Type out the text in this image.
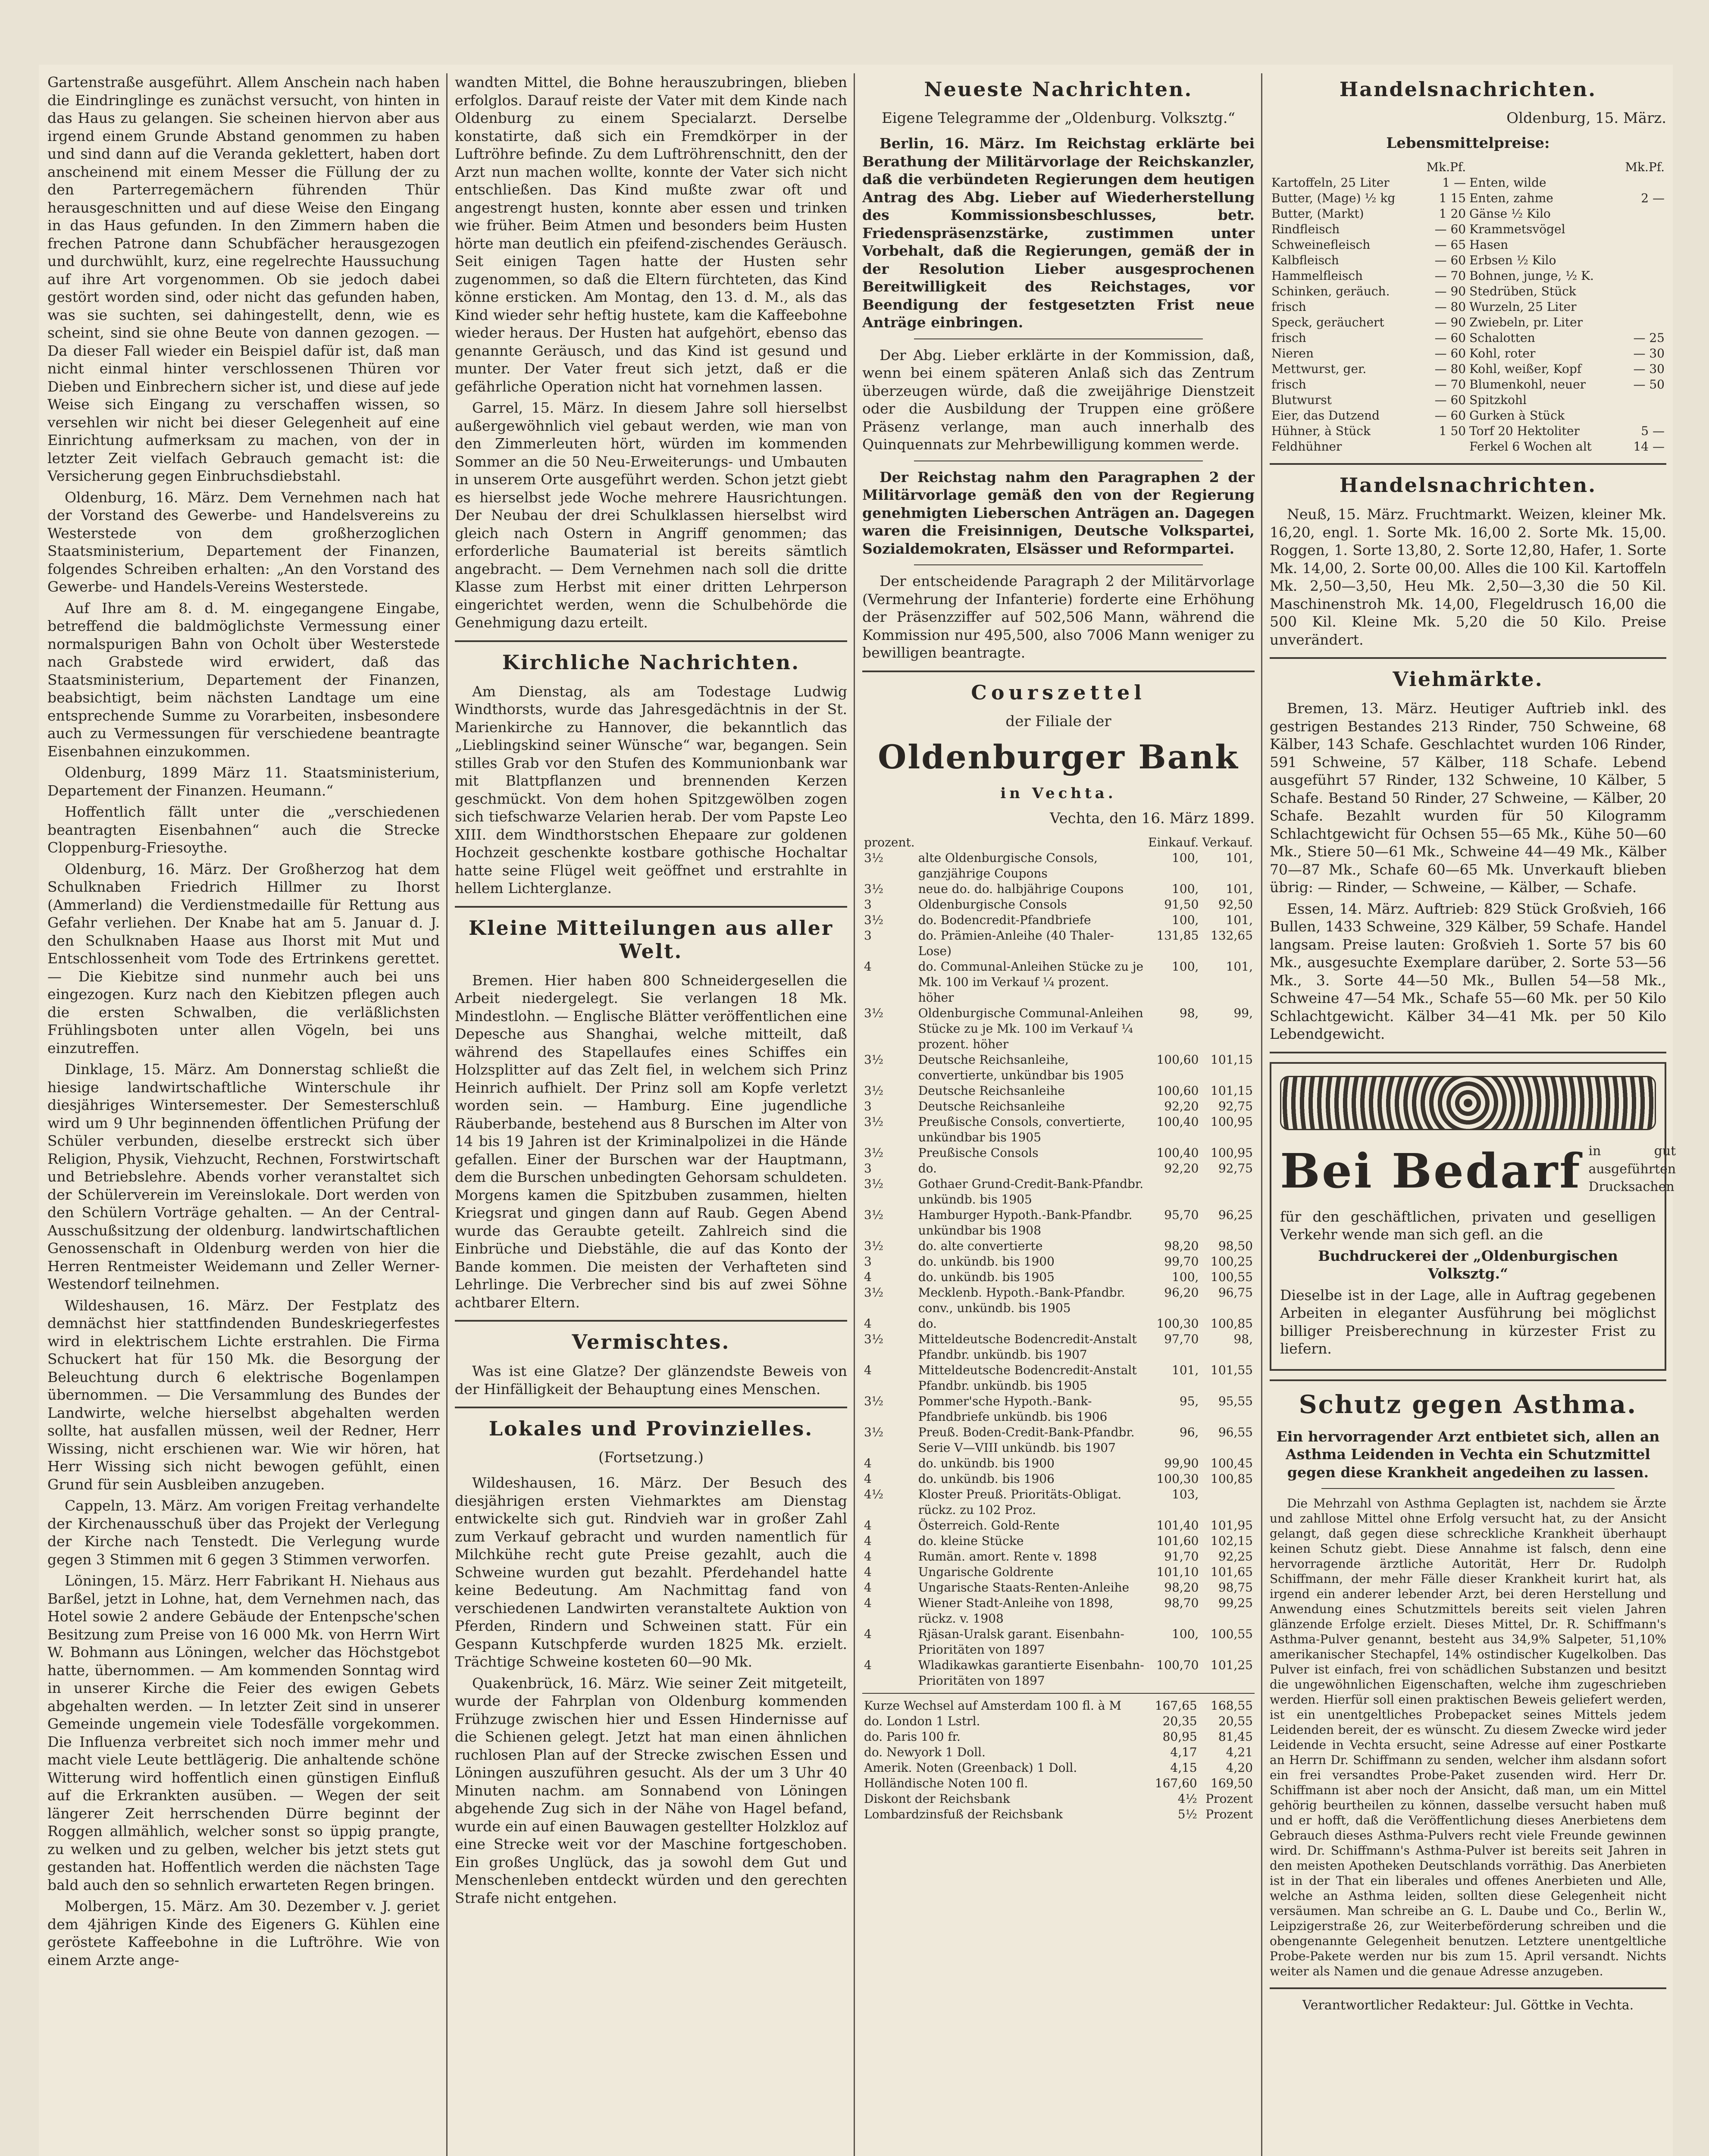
Gartenstraße ausgeführt. Allem Anschein nach haben die Eindringlinge es zunächst versucht, von hinten in das Haus zu gelangen. Sie scheinen hiervon aber aus irgend einem Grunde Abstand genommen zu haben und sind dann auf die Veranda geklettert, haben dort anscheinend mit einem Messer die Füllung der zu den Parterregemächern führenden Thür herausgeschnitten und auf diese Weise den Eingang in das Haus gefunden. In den Zimmern haben die frechen Patrone dann Schubfächer herausgezogen und durchwühlt, kurz, eine regelrechte Haussuchung auf ihre Art vorgenommen. Ob sie jedoch dabei gestört worden sind, oder nicht das gefunden haben, was sie suchten, sei dahingestellt, denn, wie es scheint, sind sie ohne Beute von dannen gezogen. — Da dieser Fall wieder ein Beispiel dafür ist, daß man nicht einmal hinter verschlossenen Thüren vor Dieben und Einbrechern sicher ist, und diese auf jede Weise sich Eingang zu verschaffen wissen, so versehlen wir nicht bei dieser Gelegenheit auf eine Einrichtung aufmerksam zu machen, von der in letzter Zeit vielfach Gebrauch gemacht ist: die Versicherung gegen Einbruchsdiebstahl.

Oldenburg, 16. März. Dem Vernehmen nach hat der Vorstand des Gewerbe- und Handelsvereins zu Westerstede von dem großherzoglichen Staatsministerium, Departement der Finanzen, folgendes Schreiben erhalten: „An den Vorstand des Gewerbe- und Handels-Vereins Westerstede.

Auf Ihre am 8. d. M. eingegangene Eingabe, betreffend die baldmöglichste Vermessung einer normalspurigen Bahn von Ocholt über Westerstede nach Grabstede wird erwidert, daß das Staatsministerium, Departement der Finanzen, beabsichtigt, beim nächsten Landtage um eine entsprechende Summe zu Vorarbeiten, insbesondere auch zu Vermessungen für verschiedene beantragte Eisenbahnen einzukommen.

Oldenburg, 1899 März 11. Staatsministerium, Departement der Finanzen. Heumann.“

Hoffentlich fällt unter die „verschiedenen beantragten Eisenbahnen“ auch die Strecke Cloppenburg-Friesoythe.

Oldenburg, 16. März. Der Großherzog hat dem Schulknaben Friedrich Hillmer zu Ihorst (Ammerland) die Verdienstmedaille für Rettung aus Gefahr verliehen. Der Knabe hat am 5. Januar d. J. den Schulknaben Haase aus Ihorst mit Mut und Entschlossenheit vom Tode des Ertrinkens gerettet. — Die Kiebitze sind nunmehr auch bei uns eingezogen. Kurz nach den Kiebitzen pflegen auch die ersten Schwalben, die verläßlichsten Frühlingsboten unter allen Vögeln, bei uns einzutreffen.

Dinklage, 15. März. Am Donnerstag schließt die hiesige landwirtschaftliche Winterschule ihr diesjähriges Wintersemester. Der Semesterschluß wird um 9 Uhr beginnenden öffentlichen Prüfung der Schüler verbunden, dieselbe erstreckt sich über Religion, Physik, Viehzucht, Rechnen, Forstwirtschaft und Betriebslehre. Abends vorher veranstaltet sich der Schülerverein im Vereinslokale. Dort werden von den Schülern Vorträge gehalten. — An der Central-Ausschußsitzung der oldenburg. landwirtschaftlichen Genossenschaft in Oldenburg werden von hier die Herren Rentmeister Weidemann und Zeller Werner-Westendorf teilnehmen.

Wildeshausen, 16. März. Der Festplatz des demnächst hier stattfindenden Bundeskriegerfestes wird in elektrischem Lichte erstrahlen. Die Firma Schuckert hat für 150 Mk. die Besorgung der Beleuchtung durch 6 elektrische Bogenlampen übernommen. — Die Versammlung des Bundes der Landwirte, welche hierselbst abgehalten werden sollte, hat ausfallen müssen, weil der Redner, Herr Wissing, nicht erschienen war. Wie wir hören, hat Herr Wissing sich nicht bewogen gefühlt, einen Grund für sein Ausbleiben anzugeben.

Cappeln, 13. März. Am vorigen Freitag verhandelte der Kirchenausschuß über das Projekt der Verlegung der Kirche nach Tenstedt. Die Verlegung wurde gegen 3 Stimmen mit 6 gegen 3 Stimmen verworfen.

Löningen, 15. März. Herr Fabrikant H. Niehaus aus Barßel, jetzt in Lohne, hat, dem Vernehmen nach, das Hotel sowie 2 andere Gebäude der Entenpsche'schen Besitzung zum Preise von 16 000 Mk. von Herrn Wirt W. Bohmann aus Löningen, welcher das Höchstgebot hatte, übernommen. — Am kommenden Sonntag wird in unserer Kirche die Feier des ewigen Gebets abgehalten werden. — In letzter Zeit sind in unserer Gemeinde ungemein viele Todesfälle vorgekommen. Die Influenza verbreitet sich noch immer mehr und macht viele Leute bettlägerig. Die anhaltende schöne Witterung wird hoffentlich einen günstigen Einfluß auf die Erkrankten ausüben. — Wegen der seit längerer Zeit herrschenden Dürre beginnt der Roggen allmählich, welcher sonst so üppig prangte, zu welken und zu gelben, welcher bis jetzt stets gut gestanden hat. Hoffentlich werden die nächsten Tage bald auch den so sehnlich erwarteten Regen bringen.

Molbergen, 15. März. Am 30. Dezember v. J. geriet dem 4jährigen Kinde des Eigeners G. Kühlen eine geröstete Kaffeebohne in die Luftröhre. Wie von einem Arzte ange-

wandten Mittel, die Bohne herauszubringen, blieben erfolglos. Darauf reiste der Vater mit dem Kinde nach Oldenburg zu einem Specialarzt. Derselbe konstatirte, daß sich ein Fremdkörper in der Luftröhre befinde. Zu dem Luftröhrenschnitt, den der Arzt nun machen wollte, konnte der Vater sich nicht entschließen. Das Kind mußte zwar oft und angestrengt husten, konnte aber essen und trinken wie früher. Beim Atmen und besonders beim Husten hörte man deutlich ein pfeifend-zischendes Geräusch. Seit einigen Tagen hatte der Husten sehr zugenommen, so daß die Eltern fürchteten, das Kind könne ersticken. Am Montag, den 13. d. M., als das Kind wieder sehr heftig hustete, kam die Kaffeebohne wieder heraus. Der Husten hat aufgehört, ebenso das genannte Geräusch, und das Kind ist gesund und munter. Der Vater freut sich jetzt, daß er die gefährliche Operation nicht hat vornehmen lassen.

Garrel, 15. März. In diesem Jahre soll hierselbst außergewöhnlich viel gebaut werden, wie man von den Zimmerleuten hört, würden im kommenden Sommer an die 50 Neu-Erweiterungs- und Umbauten in unserem Orte ausgeführt werden. Schon jetzt giebt es hierselbst jede Woche mehrere Hausrichtungen. Der Neubau der drei Schulklassen hierselbst wird gleich nach Ostern in Angriff genommen; das erforderliche Baumaterial ist bereits sämtlich angebracht. — Dem Vernehmen nach soll die dritte Klasse zum Herbst mit einer dritten Lehrperson eingerichtet werden, wenn die Schulbehörde die Genehmigung dazu erteilt.

Kirchliche Nachrichten.

Am Dienstag, als am Todestage Ludwig Windthorsts, wurde das Jahresgedächtnis in der St. Marienkirche zu Hannover, die bekanntlich das „Lieblingskind seiner Wünsche“ war, begangen. Sein stilles Grab vor den Stufen des Kommunionbank war mit Blattpflanzen und brennenden Kerzen geschmückt. Von dem hohen Spitzgewölben zogen sich tiefschwarze Velarien herab. Der vom Papste Leo XIII. dem Windthorstschen Ehepaare zur goldenen Hochzeit geschenkte kostbare gothische Hochaltar hatte seine Flügel weit geöffnet und erstrahlte in hellem Lichterglanze.

Kleine Mitteilungen aus aller Welt.

Bremen. Hier haben 800 Schneidergesellen die Arbeit niedergelegt. Sie verlangen 18 Mk. Mindestlohn. — Englische Blätter veröffentlichen eine Depesche aus Shanghai, welche mitteilt, daß während des Stapellaufes eines Schiffes ein Holzsplitter auf das Zelt fiel, in welchem sich Prinz Heinrich aufhielt. Der Prinz soll am Kopfe verletzt worden sein. — Hamburg. Eine jugendliche Räuberbande, bestehend aus 8 Burschen im Alter von 14 bis 19 Jahren ist der Kriminalpolizei in die Hände gefallen. Einer der Burschen war der Hauptmann, dem die Burschen unbedingten Gehorsam schuldeten. Morgens kamen die Spitzbuben zusammen, hielten Kriegsrat und gingen dann auf Raub. Gegen Abend wurde das Geraubte geteilt. Zahlreich sind die Einbrüche und Diebstähle, die auf das Konto der Bande kommen. Die meisten der Verhafteten sind Lehrlinge. Die Verbrecher sind bis auf zwei Söhne achtbarer Eltern.

Vermischtes.

Was ist eine Glatze? Der glänzendste Beweis von der Hinfälligkeit der Behauptung eines Menschen.

Lokales und Provinzielles.
(Fortsetzung.)

Wildeshausen, 16. März. Der Besuch des diesjährigen ersten Viehmarktes am Dienstag entwickelte sich gut. Rindvieh war in großer Zahl zum Verkauf gebracht und wurden namentlich für Milchkühe recht gute Preise gezahlt, auch die Schweine wurden gut bezahlt. Pferdehandel hatte keine Bedeutung. Am Nachmittag fand von verschiedenen Landwirten veranstaltete Auktion von Pferden, Rindern und Schweinen statt. Für ein Gespann Kutschpferde wurden 1825 Mk. erzielt. Trächtige Schweine kosteten 60—90 Mk.

Quakenbrück, 16. März. Wie seiner Zeit mitgeteilt, wurde der Fahrplan von Oldenburg kommenden Frühzuge zwischen hier und Essen Hindernisse auf die Schienen gelegt. Jetzt hat man einen ähnlichen ruchlosen Plan auf der Strecke zwischen Essen und Löningen auszuführen gesucht. Als der um 3 Uhr 40 Minuten nachm. am Sonnabend von Löningen abgehende Zug sich in der Nähe von Hagel befand, wurde ein auf einen Bauwagen gestellter Holzkloz auf eine Strecke weit vor der Maschine fortgeschoben. Ein großes Unglück, das ja sowohl dem Gut und Menschenleben entdeckt würden und den gerechten Strafe nicht entgehen.

Neueste Nachrichten.
Eigene Telegramme der „Oldenburg. Volksztg.“

Berlin, 16. März. Im Reichstag erklärte bei Berathung der Militärvorlage der Reichskanzler, daß die verbündeten Regierungen dem heutigen Antrag des Abg. Lieber auf Wiederherstellung des Kommissionsbeschlusses, betr. Friedenspräsenzstärke, zustimmen unter Vorbehalt, daß die Regierungen, gemäß der in der Resolution Lieber ausgesprochenen Bereitwilligkeit des Reichstages, vor Beendigung der festgesetzten Frist neue Anträge einbringen.

Der Abg. Lieber erklärte in der Kommission, daß, wenn bei einem späteren Anlaß sich das Zentrum überzeugen würde, daß die zweijährige Dienstzeit oder die Ausbildung der Truppen eine größere Präsenz verlange, man auch innerhalb des Quinquennats zur Mehrbewilligung kommen werde.

Der Reichstag nahm den Paragraphen 2 der Militärvorlage gemäß den von der Regierung genehmigten Lieberschen Anträgen an. Dagegen waren die Freisinnigen, Deutsche Volkspartei, Sozialdemokraten, Elsässer und Reformpartei.

Der entscheidende Paragraph 2 der Militärvorlage (Vermehrung der Infanterie) forderte eine Erhöhung der Präsenzziffer auf 502,506 Mann, während die Kommission nur 495,500, also 7006 Mann weniger zu bewilligen beantragte.

Courszettel
der Filiale der
Oldenburger Bank
in Vechta.
Vechta, den 16. März 1899.
prozent.		Einkauf.	Verkauf.
3½	alte Oldenburgische Consols, ganzjährige Coupons	100,	101,
3½	neue do. do. halbjährige Coupons	100,	101,
3	Oldenburgische Consols	91,50	92,50
3½	do. Bodencredit-Pfandbriefe	100,	101,
3	do. Prämien-Anleihe (40 Thaler-Lose)	131,85	132,65
4	do. Communal-Anleihen Stücke zu je Mk. 100 im Verkauf ¼ prozent. höher	100,	101,
3½	Oldenburgische Communal-Anleihen Stücke zu je Mk. 100 im Verkauf ¼ prozent. höher	98,	99,
3½	Deutsche Reichsanleihe, convertierte, unkündbar bis 1905	100,60	101,15
3½	Deutsche Reichsanleihe	100,60	101,15
3	Deutsche Reichsanleihe	92,20	92,75
3½	Preußische Consols, convertierte, unkündbar bis 1905	100,40	100,95
3½	Preußische Consols	100,40	100,95
3	do.	92,20	92,75
3½	Gothaer Grund-Credit-Bank-Pfandbr. unkündb. bis 1905		
3½	Hamburger Hypoth.-Bank-Pfandbr. unkündbar bis 1908	95,70	96,25
3½	do. alte convertierte	98,20	98,50
3	do. unkündb. bis 1900	99,70	100,25
4	do. unkündb. bis 1905	100,	100,55
3½	Mecklenb. Hypoth.-Bank-Pfandbr. conv., unkündb. bis 1905	96,20	96,75
4	do.	100,30	100,85
3½	Mitteldeutsche Bodencredit-Anstalt Pfandbr. unkündb. bis 1907	97,70	98,
4	Mitteldeutsche Bodencredit-Anstalt Pfandbr. unkündb. bis 1905	101,	101,55
3½	Pommer'sche Hypoth.-Bank-Pfandbriefe unkündb. bis 1906	95,	95,55
3½	Preuß. Boden-Credit-Bank-Pfandbr. Serie V—VIII unkündb. bis 1907	96,	96,55
4	do. unkündb. bis 1900	99,90	100,45
4	do. unkündb. bis 1906	100,30	100,85
4½	Kloster Preuß. Prioritäts-Obligat. rückz. zu 102 Proz.	103,	
4	Österreich. Gold-Rente	101,40	101,95
4	do. kleine Stücke	101,60	102,15
4	Rumän. amort. Rente v. 1898	91,70	92,25
4	Ungarische Goldrente	101,10	101,65
4	Ungarische Staats-Renten-Anleihe	98,20	98,75
4	Wiener Stadt-Anleihe von 1898, rückz. v. 1908	98,70	99,25
4	Rjäsan-Uralsk garant. Eisenbahn-Prioritäten von 1897	100,	100,55
4	Wladikawkas garantierte Eisenbahn-Prioritäten von 1897	100,70	101,25
Kurze Wechsel auf Amsterdam 100 fl. à M	167,65	168,55
do. London 1 Lstrl.	20,35	20,55
do. Paris 100 fr.	80,95	81,45
do. Newyork 1 Doll.	4,17	4,21
Amerik. Noten (Greenback) 1 Doll.	4,15	4,20
Holländische Noten 100 fl.	167,60	169,50
Diskont der Reichsbank	4½	Prozent
Lombardzinsfuß der Reichsbank	5½	Prozent
Handelsnachrichten.
Oldenburg, 15. März.
Lebensmittelpreise:
	Mk.Pf.		Mk.Pf.
Kartoffeln, 25 Liter	1 —	Enten, wilde	
Butter, (Mage) ½ kg	1 15	Enten, zahme	2 —
Butter, (Markt)	1 20	Gänse ½ Kilo	
Rindfleisch	— 60	Krammetsvögel	
Schweinefleisch	— 65	Hasen	
Kalbfleisch	— 60	Erbsen ½ Kilo	
Hammelfleisch	— 70	Bohnen, junge, ½ K.	
Schinken, geräuch.	— 90	Stedrüben, Stück	
frisch	— 80	Wurzeln, 25 Liter	
Speck, geräuchert	— 90	Zwiebeln, pr. Liter	
frisch	— 60	Schalotten	— 25
Nieren	— 60	Kohl, roter	— 30
Mettwurst, ger.	— 80	Kohl, weißer, Kopf	— 30
frisch	— 70	Blumenkohl, neuer	— 50
Blutwurst	— 60	Spitzkohl	
Eier, das Dutzend	— 60	Gurken à Stück	
Hühner, à Stück	1 50	Torf 20 Hektoliter	5 —
Feldhühner		Ferkel 6 Wochen alt	14 —
Handelsnachrichten.

Neuß, 15. März. Fruchtmarkt. Weizen, kleiner Mk. 16,20, engl. 1. Sorte Mk. 16,00 2. Sorte Mk. 15,00. Roggen, 1. Sorte 13,80, 2. Sorte 12,80, Hafer, 1. Sorte Mk. 14,00, 2. Sorte 00,00. Alles die 100 Kil. Kartoffeln Mk. 2,50—3,50, Heu Mk. 2,50—3,30 die 50 Kil. Maschinenstroh Mk. 14,00, Flegeldrusch 16,00 die 500 Kil. Kleine Mk. 5,20 die 50 Kilo. Preise unverändert.

Viehmärkte.

Bremen, 13. März. Heutiger Auftrieb inkl. des gestrigen Bestandes 213 Rinder, 750 Schweine, 68 Kälber, 143 Schafe. Geschlachtet wurden 106 Rinder, 591 Schweine, 57 Kälber, 118 Schafe. Lebend ausgeführt 57 Rinder, 132 Schweine, 10 Kälber, 5 Schafe. Bestand 50 Rinder, 27 Schweine, — Kälber, 20 Schafe. Bezahlt wurden für 50 Kilogramm Schlachtgewicht für Ochsen 55—65 Mk., Kühe 50—60 Mk., Stiere 50—61 Mk., Schweine 44—49 Mk., Kälber 70—87 Mk., Schafe 60—65 Mk. Unverkauft blieben übrig: — Rinder, — Schweine, — Kälber, — Schafe.

Essen, 14. März. Auftrieb: 829 Stück Großvieh, 166 Bullen, 1433 Schweine, 329 Kälber, 59 Schafe. Handel langsam. Preise lauten: Großvieh 1. Sorte 57 bis 60 Mk., ausgesuchte Exemplare darüber, 2. Sorte 53—56 Mk., 3. Sorte 44—50 Mk., Bullen 54—58 Mk., Schweine 47—54 Mk., Schafe 55—60 Mk. per 50 Kilo Schlachtgewicht. Kälber 34—41 Mk. per 50 Kilo Lebendgewicht.

Bei Bedarf in gut ausgeführten Drucksachen

für den geschäftlichen, privaten und geselligen Verkehr wende man sich gefl. an die

Buchdruckerei der „Oldenburgischen Volksztg.“

Dieselbe ist in der Lage, alle in Auftrag gegebenen Arbeiten in eleganter Ausführung bei möglichst billiger Preisberechnung in kürzester Frist zu liefern.

Schutz gegen Asthma.

Ein hervorragender Arzt entbietet sich, allen an Asthma Leidenden in Vechta ein Schutzmittel gegen diese Krankheit angedeihen zu lassen.

Die Mehrzahl von Asthma Geplagten ist, nachdem sie Ärzte und zahllose Mittel ohne Erfolg versucht hat, zu der Ansicht gelangt, daß gegen diese schreckliche Krankheit überhaupt keinen Schutz giebt. Diese Annahme ist falsch, denn eine hervorragende ärztliche Autorität, Herr Dr. Rudolph Schiffmann, der mehr Fälle dieser Krankheit kurirt hat, als irgend ein anderer lebender Arzt, bei deren Herstellung und Anwendung eines Schutzmittels bereits seit vielen Jahren glänzende Erfolge erzielt. Dieses Mittel, Dr. R. Schiffmann's Asthma-Pulver genannt, besteht aus 34,9% Salpeter, 51,10% amerikanischer Stechapfel, 14% ostindischer Kugelkolben. Das Pulver ist einfach, frei von schädlichen Substanzen und besitzt die ungewöhnlichen Eigenschaften, welche ihm zugeschrieben werden. Hierfür soll einen praktischen Beweis geliefert werden, ist ein unentgeltliches Probepacket seines Mittels jedem Leidenden bereit, der es wünscht. Zu diesem Zwecke wird jeder Leidende in Vechta ersucht, seine Adresse auf einer Postkarte an Herrn Dr. Schiffmann zu senden, welcher ihm alsdann sofort ein frei versandtes Probe-Paket zusenden wird. Herr Dr. Schiffmann ist aber noch der Ansicht, daß man, um ein Mittel gehörig beurtheilen zu können, dasselbe versucht haben muß und er hofft, daß die Veröffentlichung dieses Anerbietens dem Gebrauch dieses Asthma-Pulvers recht viele Freunde gewinnen wird. Dr. Schiffmann's Asthma-Pulver ist bereits seit Jahren in den meisten Apotheken Deutschlands vorräthig. Das Anerbieten ist in der That ein liberales und offenes Anerbieten und Alle, welche an Asthma leiden, sollten diese Gelegenheit nicht versäumen. Man schreibe an G. L. Daube und Co., Berlin W., Leipzigerstraße 26, zur Weiterbeförderung schreiben und die obengenannte Gelegenheit benutzen. Letztere unentgeltliche Probe-Pakete werden nur bis zum 15. April versandt. Nichts weiter als Namen und die genaue Adresse anzugeben.

Verantwortlicher Redakteur: Jul. Göttke in Vechta.
